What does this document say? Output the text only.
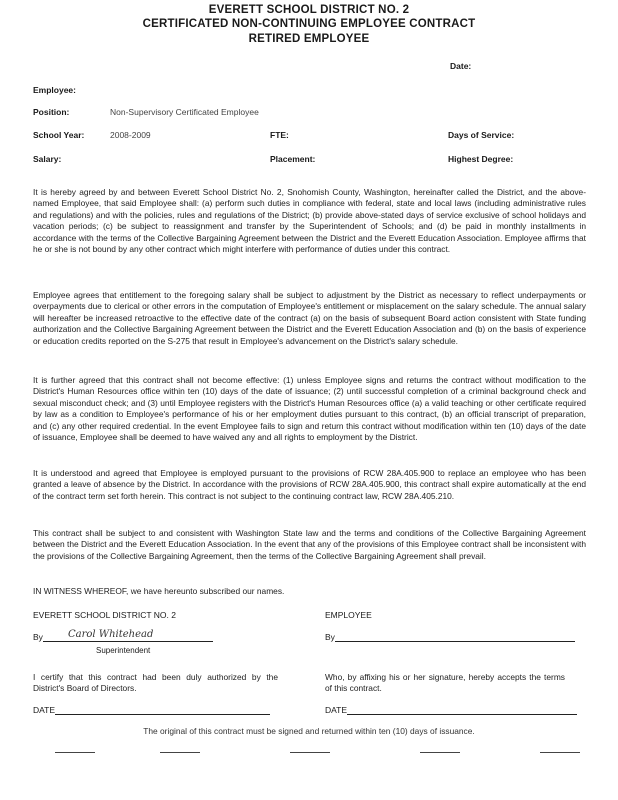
EVERETT SCHOOL DISTRICT NO. 2
CERTIFICATED NON-CONTINUING EMPLOYEE CONTRACT
RETIRED EMPLOYEE
Date:
Employee:
Position:	Non-Supervisory Certificated Employee
School Year:	2008-2009	FTE:	Days of Service:
Salary:	Placement:	Highest Degree:

It is hereby agreed by and between Everett School District No. 2, Snohomish County, Washington, hereinafter called the District, and the above-named Employee, that said Employee shall: (a) perform such duties in compliance with federal, state and local laws (including administrative rules and regulations) and with the policies, rules and regulations of the District; (b) provide above-stated days of service exclusive of school holidays and vacation periods; (c) be subject to reassignment and transfer by the Superintendent of Schools; and (d) be paid in monthly installments in accordance with the terms of the Collective Bargaining Agreement between the District and the Everett Education Association. Employee affirms that he or she is not bound by any other contract which might interfere with performance of duties under this contract.

Employee agrees that entitlement to the foregoing salary shall be subject to adjustment by the District as necessary to reflect underpayments or overpayments due to clerical or other errors in the computation of Employee's entitlement or misplacement on the salary schedule. The annual salary will hereafter be increased retroactive to the effective date of the contract (a) on the basis of subsequent Board action consistent with State funding authorization and the Collective Bargaining Agreement between the District and the Everett Education Association and (b) on the basis of experience or education credits reported on the S-275 that result in Employee's advancement on the District's salary schedule.

It is further agreed that this contract shall not become effective: (1) unless Employee signs and returns the contract without modification to the District's Human Resources office within ten (10) days of the date of issuance; (2) until successful completion of a criminal background check and sexual misconduct check; and (3) until Employee registers with the District's Human Resources office (a) a valid teaching or other certificate required by law as a condition to Employee's performance of his or her employment duties pursuant to this contract, (b) an official transcript of preparation, and (c) any other required credential. In the event Employee fails to sign and return this contract without modification within ten (10) days of the date of issuance, Employee shall be deemed to have waived any and all rights to employment by the District.

It is understood and agreed that Employee is employed pursuant to the provisions of RCW 28A.405.900 to replace an employee who has been granted a leave of absence by the District. In accordance with the provisions of RCW 28A.405.900, this contract shall expire automatically at the end of the contract term set forth herein. This contract is not subject to the continuing contract law, RCW 28A.405.210.

This contract shall be subject to and consistent with Washington State law and the terms and conditions of the Collective Bargaining Agreement between the District and the Everett Education Association. In the event that any of the provisions of this Employee contract shall be inconsistent with the provisions of the Collective Bargaining Agreement, then the terms of the Collective Bargaining Agreement shall prevail.

IN WITNESS WHEREOF, we have hereunto subscribed our names.

EVERETT SCHOOL DISTRICT NO. 2	EMPLOYEE
By	Carol Whitehead
Superintendent
By
I certify that this contract had been duly authorized by the District's Board of Directors.
Who, by affixing his or her signature, hereby accepts the terms of this contract.
DATE	DATE
The original of this contract must be signed and returned within ten (10) days of issuance.
